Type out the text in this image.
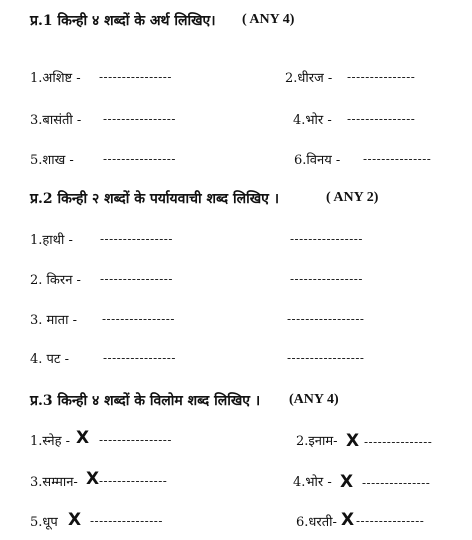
प्र.1 किन्ही ४ शब्दों के अर्थ लिखिए। ( ANY 4)
1.अशिष्ट - ----------------	2.धीरज - ---------------
3.बासंती - ----------------	4.भोर - ---------------
5.शाख - ----------------	6.विनय - ---------------
प्र.2 किन्ही २ शब्दों के पर्यायवाची शब्द लिखिए ।	( ANY 2)
1.हाथी - ----------------	----------------
2. किरन - ----------------	----------------
3. माता - ----------------	-----------------
4. पट -	----------------	-----------------
प्र.3 किन्ही ४ शब्दों के विलोम शब्द लिखिए । (ANY 4)
1.स्नेह - X ----------------	2.इनाम- X ---------------
3.सम्मान- X ---------------	4.भोर - X ---------------
5.धूप X ----------------	6.धरती- X ---------------
